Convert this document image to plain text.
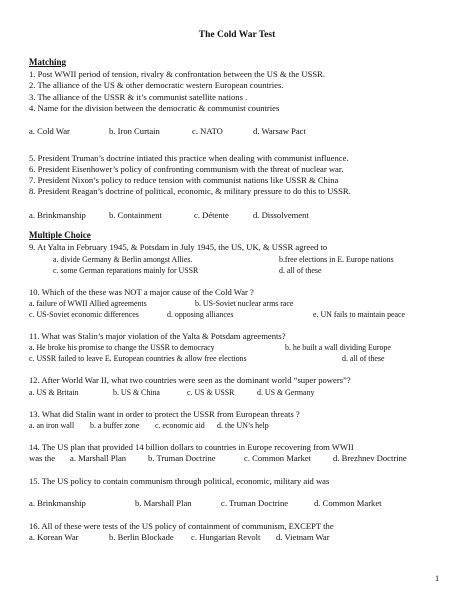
The Cold War Test
Matching
1. Post WWII period of tension, rivalry & confrontation between the US & the USSR.
2. The alliance of the US & other democratic western European countries.
3. The alliance of the USSR & it’s communist satellite nations .
4. Name for the division between the democratic & communist countries
a. Cold War	b. Iron Curtain	c. NATO	d. Warsaw Pact
5. President Truman’s doctrine intiated this practice when dealing with communist influence.
6. President Eisenhower’s policy of confronting communism with the threat of nuclear war.
7. President Nixon’s policy to reduce tension with communist nations like USSR & China
8. President Reagan’s doctrine of political, economic, & military pressure to do this to USSR.
a. Brinkmanship	b. Containment	c. Détente	d. Dissolvement
Multiple Choice
9. At Yalta in February 1945, & Potsdam in July 1945, the US, UK, & USSR agreed to
a. divide Germany & Berlin amongst Allies.	b.free elections in E. Europe nations
c. some German reparations mainly for USSR	d. all of these
10. Which of the these was NOT a major cause of the Cold War ?
a. failure of WWII Allied agreements	b. US-Soviet nuclear arms race
c. US-Soviet economic differences	d. opposing alliances	e. UN fails to maintain peace
11. What was Stalin’s major violation of the Yalta & Potsdam agreements?
a. He broke his promise to change the USSR to democracy	b. he built a wall dividing Europe
c. USSR failed to leave E. European countries & allow free elections	d. all of these
12. After World War II, what two countries were seen as the dominant world “super powers”?
a. US & Britain	b. US & China	c. US & USSR	d. US & Germany
13. What did Stalin want in order to protect the USSR from European threats ?
a. an iron wall b. a buffer zone c. economic aid d. the UN’s help
14. The US plan that provided 14 billion dollars to countries in Europe recovering from WWII
was the a. Marshall Plan	b. Truman Doctrine	c. Common Market	d. Brezhnev Doctrine
15. The US policy to contain communism through political, economic, military aid was
a. Brinkmanship	b. Marshall Plan	c. Truman Doctrine	d. Common Market
16. All of these were tests of the US policy of containment of communism, EXCEPT the
a. Korean War	b. Berlin Blockade c. Hungarian Revolt d. Vietnam War
1
